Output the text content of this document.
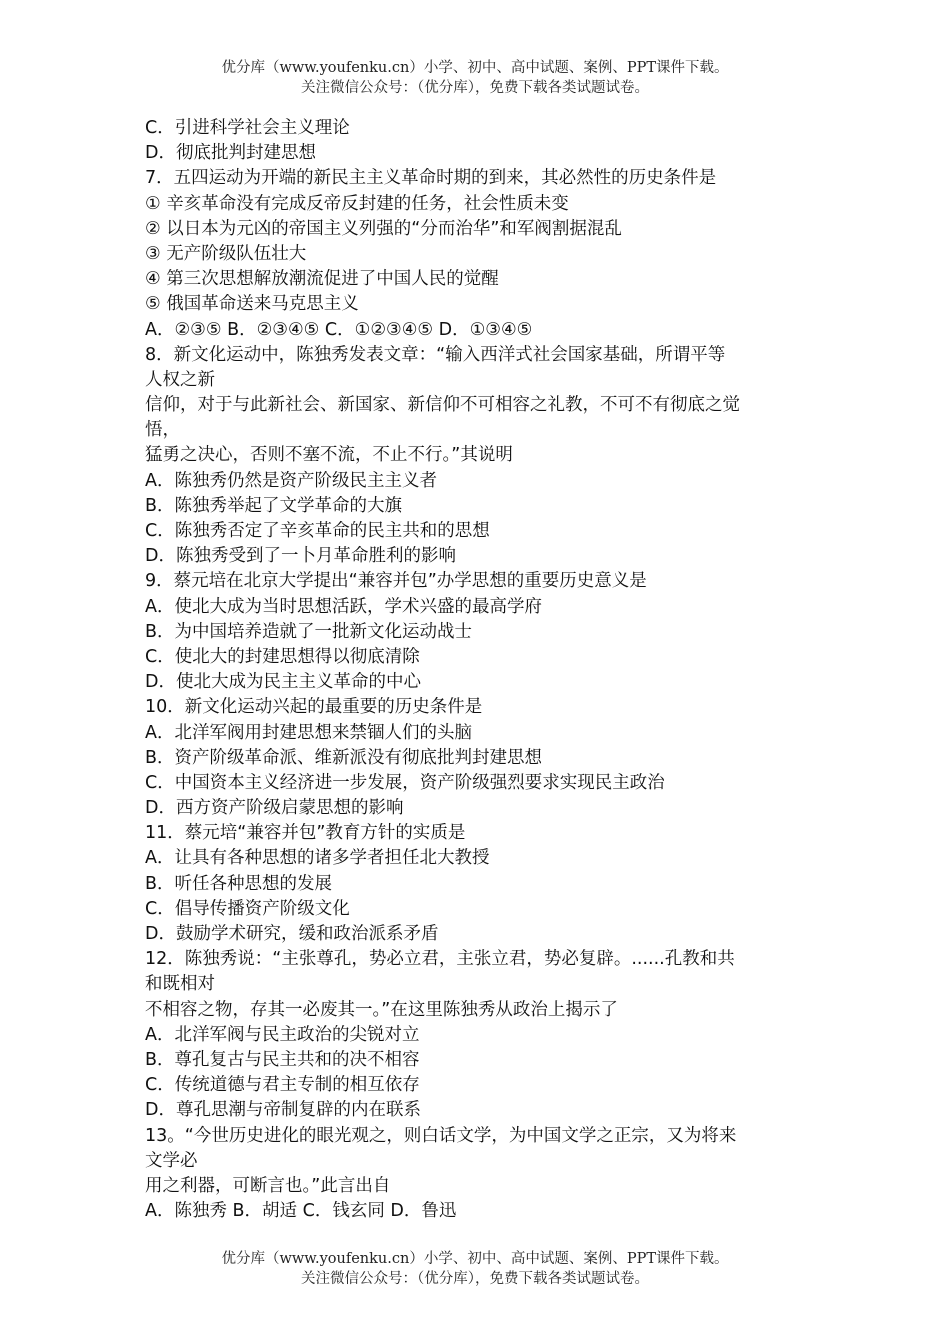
优分库（www.youfenku.cn）小学、初中、高中试题、案例、PPT课件下载。
关注微信公众号：（优分库），免费下载各类试题试卷。
C．引进科学社会主义理论
D．彻底批判封建思想
7．五四运动为开端的新民主主义革命时期的到来，其必然性的历史条件是
① 辛亥革命没有完成反帝反封建的任务，社会性质未变
② 以日本为元凶的帝国主义列强的“分而治华”和军阀割据混乱
③ 无产阶级队伍壮大
④ 第三次思想解放潮流促进了中国人民的觉醒
⑤ 俄国革命送来马克思主义
A．②③⑤ B．②③④⑤ C．①②③④⑤ D．①③④⑤
8．新文化运动中，陈独秀发表文章：“输入西洋式社会国家基础，所谓平等
人权之新
信仰，对于与此新社会、新国家、新信仰不可相容之礼教，不可不有彻底之觉
悟，
猛勇之决心，否则不塞不流，不止不行。”其说明
A．陈独秀仍然是资产阶级民主主义者
B．陈独秀举起了文学革命的大旗
C．陈独秀否定了辛亥革命的民主共和的思想
D．陈独秀受到了一卜月革命胜利的影响
9．蔡元培在北京大学提出“兼容并包”办学思想的重要历史意义是
A．使北大成为当时思想活跃，学术兴盛的最高学府
B．为中国培养造就了一批新文化运动战士
C．使北大的封建思想得以彻底清除
D．使北大成为民主主义革命的中心
10．新文化运动兴起的最重要的历史条件是
A．北洋军阀用封建思想来禁锢人们的头脑
B．资产阶级革命派、维新派没有彻底批判封建思想
C．中国资本主义经济进一步发展，资产阶级强烈要求实现民主政治
D．西方资产阶级启蒙思想的影响
11．蔡元培“兼容并包”教育方针的实质是
A．让具有各种思想的诸多学者担任北大教授
B．听任各种思想的发展
C．倡导传播资产阶级文化
D．鼓励学术研究，缓和政治派系矛盾
12．陈独秀说：“主张尊孔，势必立君，主张立君，势必复辟。......孔教和共
和既相对
不相容之物，存其一必废其一。”在这里陈独秀从政治上揭示了
A．北洋军阀与民主政治的尖锐对立
B．尊孔复古与民主共和的决不相容
C．传统道德与君主专制的相互依存
D．尊孔思潮与帝制复辟的内在联系
13。“今世历史进化的眼光观之，则白话文学，为中国文学之正宗，又为将来
文学必
用之利器，可断言也。”此言出自
A．陈独秀 B．胡适 C．钱玄同 D．鲁迅
优分库（www.youfenku.cn）小学、初中、高中试题、案例、PPT课件下载。
关注微信公众号：（优分库），免费下载各类试题试卷。
